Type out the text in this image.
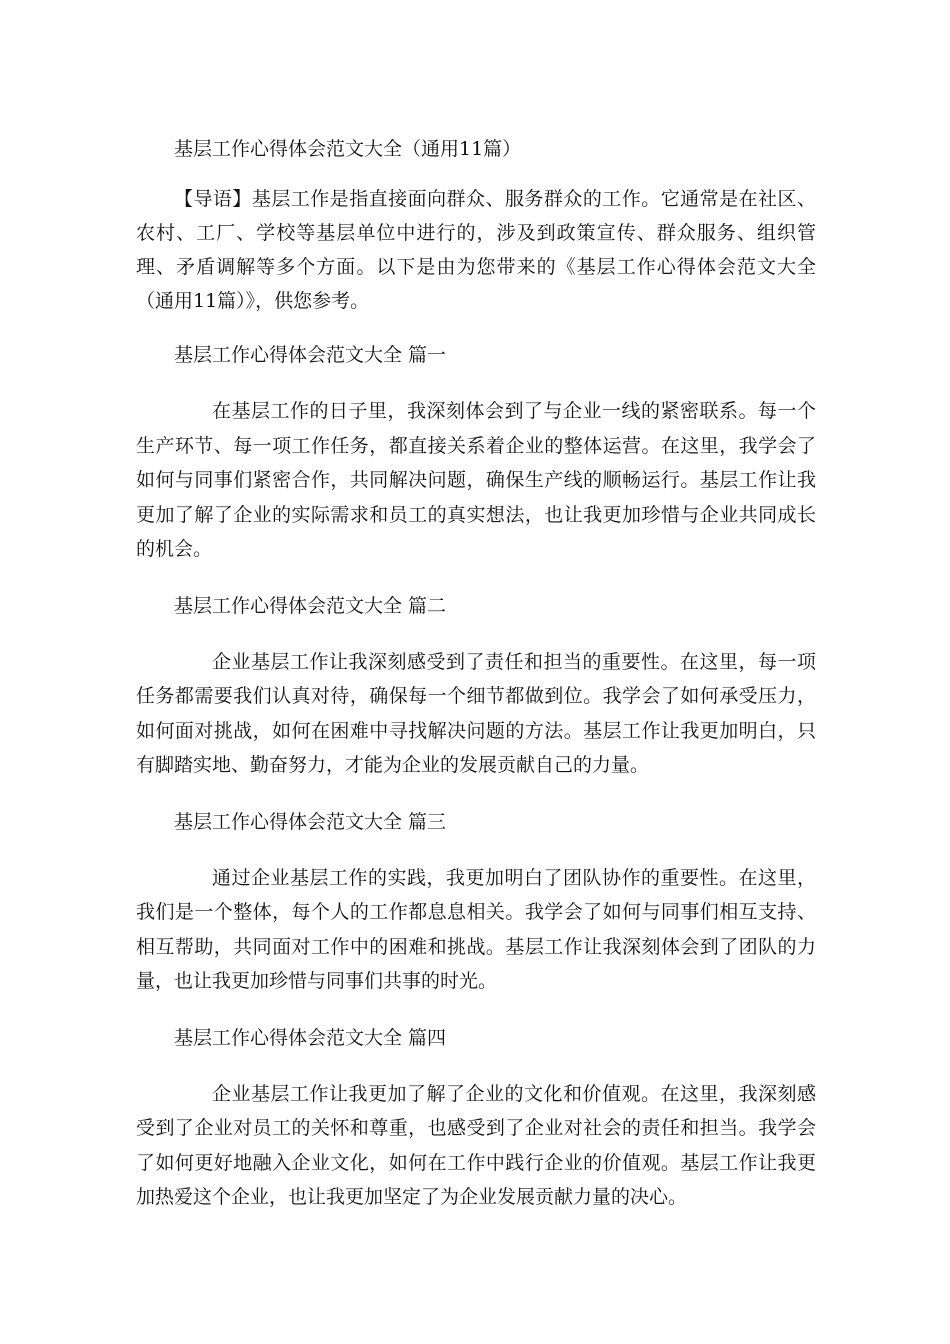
基层工作心得体会范文大全（通用11篇）

【导语】基层工作是指直接面向群众、服务群众的工作。它通常是在社区、农村、工厂、学校等基层单位中进行的，涉及到政策宣传、群众服务、组织管理、矛盾调解等多个方面。以下是由为您带来的《基层工作心得体会范文大全（通用11篇）》，供您参考。

基层工作心得体会范文大全 篇一

在基层工作的日子里，我深刻体会到了与企业一线的紧密联系。每一个生产环节、每一项工作任务，都直接关系着企业的整体运营。在这里，我学会了如何与同事们紧密合作，共同解决问题，确保生产线的顺畅运行。基层工作让我更加了解了企业的实际需求和员工的真实想法，也让我更加珍惜与企业共同成长的机会。

基层工作心得体会范文大全 篇二

企业基层工作让我深刻感受到了责任和担当的重要性。在这里，每一项任务都需要我们认真对待，确保每一个细节都做到位。我学会了如何承受压力，如何面对挑战，如何在困难中寻找解决问题的方法。基层工作让我更加明白，只有脚踏实地、勤奋努力，才能为企业的发展贡献自己的力量。

基层工作心得体会范文大全 篇三

通过企业基层工作的实践，我更加明白了团队协作的重要性。在这里，我们是一个整体，每个人的工作都息息相关。我学会了如何与同事们相互支持、相互帮助，共同面对工作中的困难和挑战。基层工作让我深刻体会到了团队的力量，也让我更加珍惜与同事们共事的时光。

基层工作心得体会范文大全 篇四

企业基层工作让我更加了解了企业的文化和价值观。在这里，我深刻感受到了企业对员工的关怀和尊重，也感受到了企业对社会的责任和担当。我学会了如何更好地融入企业文化，如何在工作中践行企业的价值观。基层工作让我更加热爱这个企业，也让我更加坚定了为企业发展贡献力量的决心。
